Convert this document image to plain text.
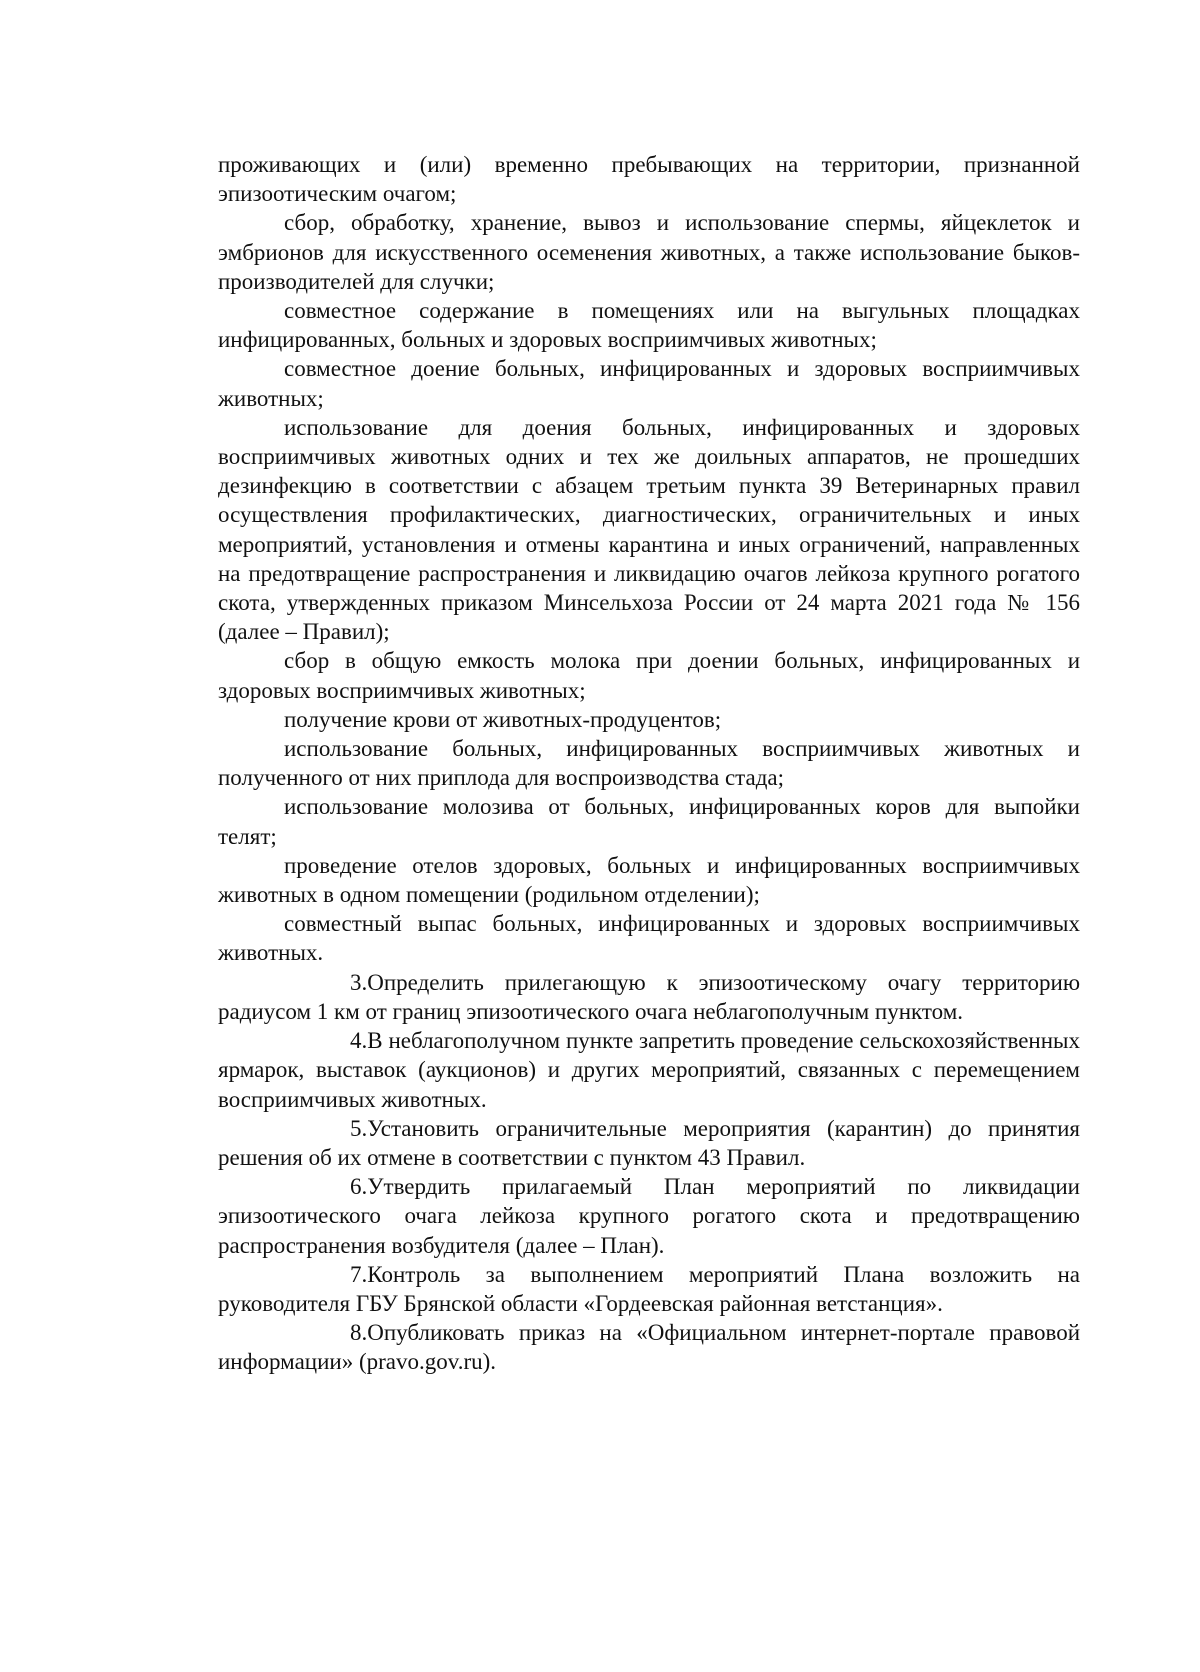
проживающих и (или) временно пребывающих на территории, признанной эпизоотическим очагом;

сбор, обработку, хранение, вывоз и использование спермы, яйцеклеток и эмбрионов для искусственного осеменения животных, а также использование быков-производителей для случки;

совместное содержание в помещениях или на выгульных площадках инфицированных, больных и здоровых восприимчивых животных;

совместное доение больных, инфицированных и здоровых восприимчивых животных;

использование для доения больных, инфицированных и здоровых восприимчивых животных одних и тех же доильных аппаратов, не прошедших дезинфекцию в соответствии с абзацем третьим пункта 39 Ветеринарных правил осуществления профилактических, диагностических, ограничительных и иных мероприятий, установления и отмены карантина и иных ограничений, направленных на предотвращение распространения и ликвидацию очагов лейкоза крупного рогатого скота, утвержденных приказом Минсельхоза России от 24 марта 2021 года № 156 (далее – Правил);

сбор в общую емкость молока при доении больных, инфицированных и здоровых восприимчивых животных;

получение крови от животных-продуцентов;

использование больных, инфицированных восприимчивых животных и полученного от них приплода для воспроизводства стада;

использование молозива от больных, инфицированных коров для выпойки телят;

проведение отелов здоровых, больных и инфицированных восприимчивых животных в одном помещении (родильном отделении);

совместный выпас больных, инфицированных и здоровых восприимчивых животных.

3.Определить прилегающую к эпизоотическому очагу территорию радиусом 1 км от границ эпизоотического очага неблагополучным пунктом.

4.В неблагополучном пункте запретить проведение сельскохозяйственных ярмарок, выставок (аукционов) и других мероприятий, связанных с перемещением восприимчивых животных.

5.Установить ограничительные мероприятия (карантин) до принятия решения об их отмене в соответствии с пунктом 43 Правил.

6.Утвердить прилагаемый План мероприятий по ликвидации эпизоотического очага лейкоза крупного рогатого скота и предотвращению распространения возбудителя (далее – План).

7.Контроль за выполнением мероприятий Плана возложить на руководителя ГБУ Брянской области «Гордеевская районная ветстанция».

8.Опубликовать приказ на «Официальном интернет-портале правовой информации» (pravo.gov.ru).
